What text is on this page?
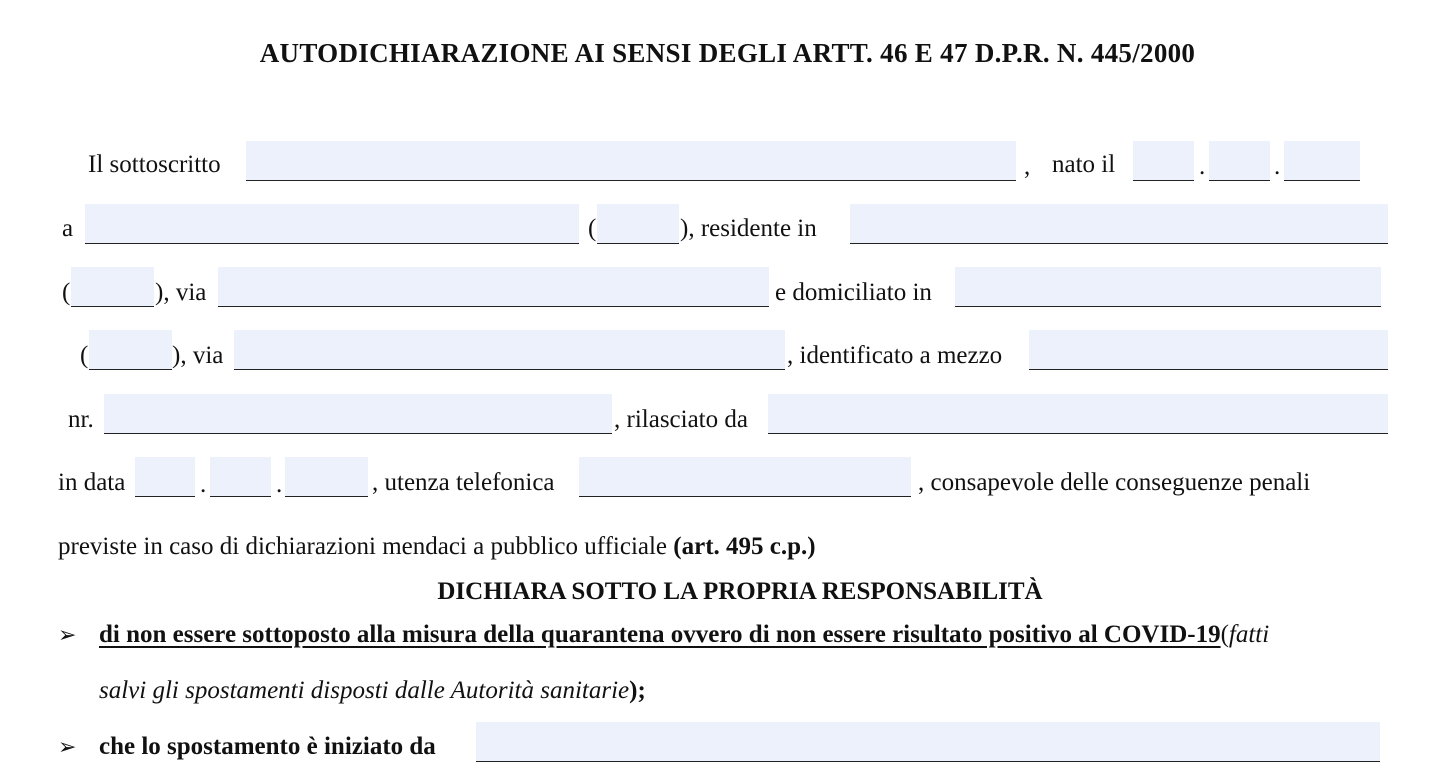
AUTODICHIARAZIONE AI SENSI DEGLI ARTT. 46 E 47 D.P.R. N. 445/2000
Il sottoscritto	, nato il	.	.
a	(	), residente in
(	), via	e domiciliato in
(	), via	, identificato a mezzo
nr.	, rilasciato da
in data	.	.	, utenza telefonica	, consapevole delle conseguenze penali
previste in caso di dichiarazioni mendaci a pubblico ufficiale (art. 495 c.p.)
DICHIARA SOTTO LA PROPRIA RESPONSABILITÀ
➢ di non essere sottoposto alla misura della quarantena ovvero di non essere risultato positivo al COVID-19(fatti
salvi gli spostamenti disposti dalle Autorità sanitarie);
➢ che lo spostamento è iniziato da
